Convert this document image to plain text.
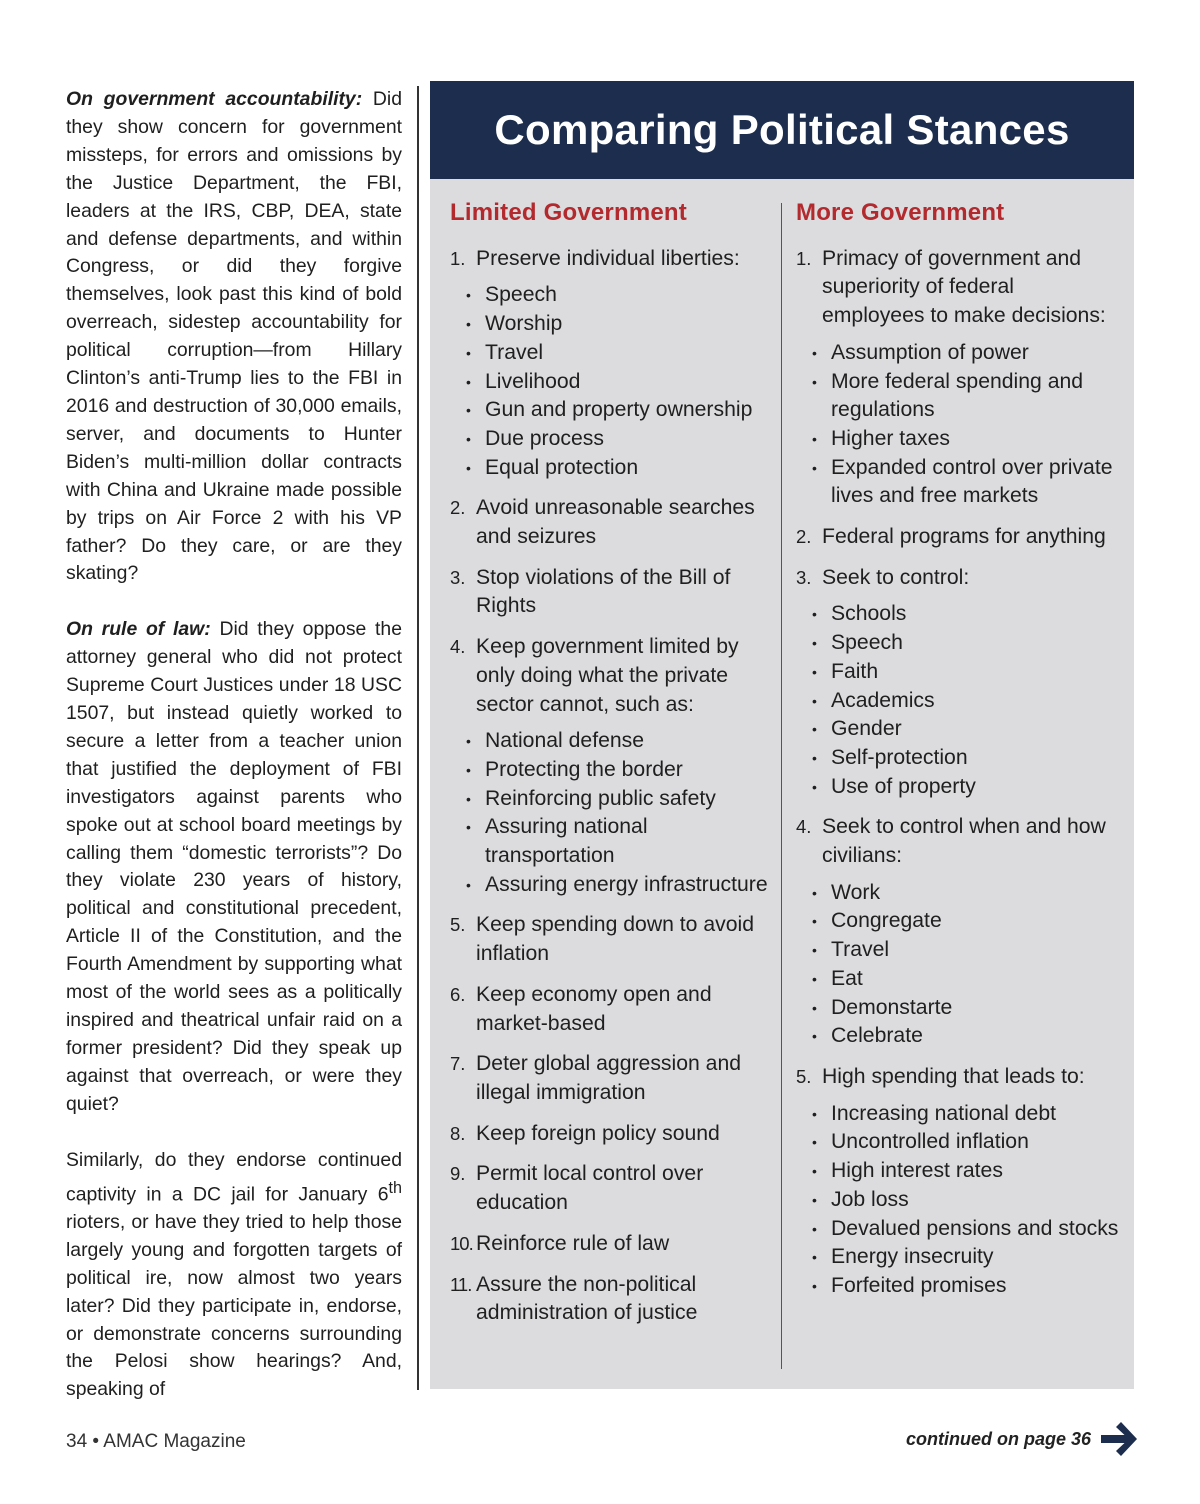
On government accountability: Did they show concern for government missteps, for errors and omissions by the Justice Department, the FBI, leaders at the IRS, CBP, DEA, state and defense departments, and within Congress, or did they forgive themselves, look past this kind of bold overreach, sidestep accountability for political corruption—from Hillary Clinton’s anti-Trump lies to the FBI in 2016 and destruction of 30,000 emails, server, and documents to Hunter Biden’s multi-million dollar contracts with China and Ukraine made possible by trips on Air Force 2 with his VP father? Do they care, or are they skating?

On rule of law: Did they oppose the attorney general who did not protect Supreme Court Justices under 18 USC 1507, but instead quietly worked to secure a letter from a teacher union that justified the deployment of FBI investigators against parents who spoke out at school board meetings by calling them “domestic terrorists”? Do they violate 230 years of history, political and constitutional precedent, Article II of the Constitution, and the Fourth Amendment by supporting what most of the world sees as a politically inspired and theatrical unfair raid on a former president? Did they speak up against that overreach, or were they quiet?

Similarly, do they endorse continued captivity in a DC jail for January 6th rioters, or have they tried to help those largely young and forgotten targets of political ire, now almost two years later? Did they participate in, endorse, or demonstrate concerns surrounding the Pelosi show hearings? And, speaking of

Comparing Political Stances
Limited Government
1. Preserve individual liberties:
• Speech
• Worship
• Travel
• Livelihood
• Gun and property ownership
• Due process
• Equal protection
2. Avoid unreasonable searches and seizures
3. Stop violations of the Bill of Rights
4. Keep government limited by only doing what the private sector cannot, such as:
• National defense
• Protecting the border
• Reinforcing public safety
• Assuring national transportation
• Assuring energy infrastructure
5. Keep spending down to avoid inflation
6. Keep economy open and market-based
7. Deter global aggression and illegal immigration
8. Keep foreign policy sound
9. Permit local control over education
10. Reinforce rule of law
11. Assure the non-political administration of justice
More Government
1. Primacy of government and superiority of federal employees to make decisions:
• Assumption of power
• More federal spending and regulations
• Higher taxes
• Expanded control over private lives and free markets
2. Federal programs for anything
3. Seek to control:
• Schools
• Speech
• Faith
• Academics
• Gender
• Self-protection
• Use of property
4. Seek to control when and how civilians:
• Work
• Congregate
• Travel
• Eat
• Demonstarte
• Celebrate
5. High spending that leads to:
• Increasing national debt
• Uncontrolled inflation
• High interest rates
• Job loss
• Devalued pensions and stocks
• Energy insecruity
• Forfeited promises
34 • AMAC Magazine	continued on page 36
